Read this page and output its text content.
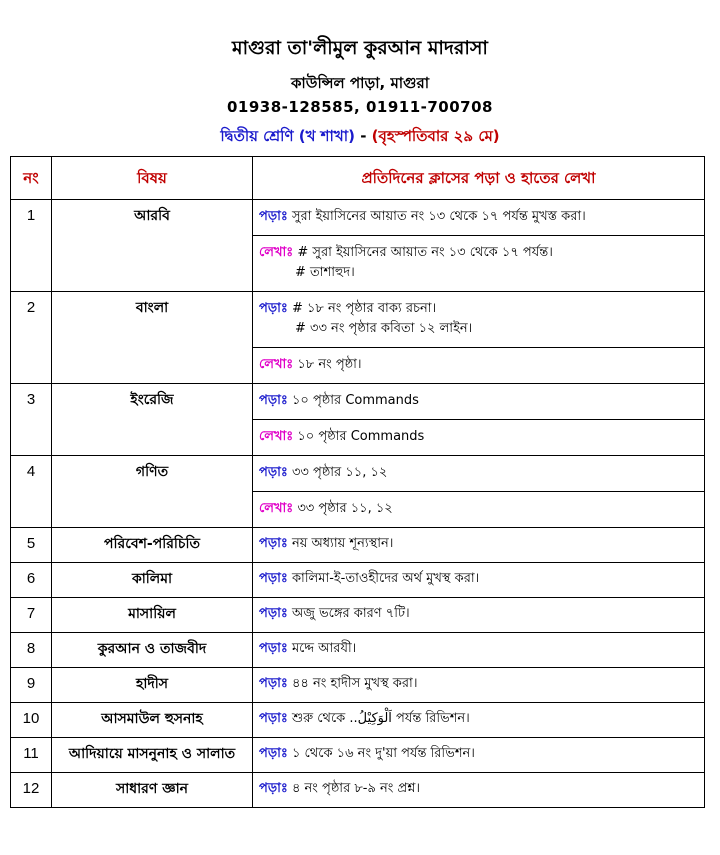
মাগুরা তা'লীমুল কুরআন মাদরাসা
কাউন্সিল পাড়া, মাগুরা
01938-128585, 01911-700708
দ্বিতীয় শ্রেণি (খ শাখা) - (বৃহস্পতিবার ২৯ মে)
নং	বিষয়	প্রতিদিনের ক্লাসের পড়া ও হাতের লেখা
1	আরবি	পড়াঃ সুরা ইয়াসিনের আয়াত নং ১৩ থেকে ১৭ পর্যন্ত মুখস্ত করা।
		লেখাঃ # সুরা ইয়াসিনের আয়াত নং ১৩ থেকে ১৭ পর্যন্ত।
# তাশাহুদ।

2	বাংলা	পড়াঃ # ১৮ নং পৃষ্ঠার বাক্য রচনা।
# ৩৩ নং পৃষ্ঠার কবিতা ১২ লাইন।

		লেখাঃ ১৮ নং পৃষ্ঠা।
3	ইংরেজি	পড়াঃ ১০ পৃষ্ঠার Commands
		লেখাঃ ১০ পৃষ্ঠার Commands
4	গণিত	পড়াঃ ৩৩ পৃষ্ঠার ১১, ১২
		লেখাঃ ৩৩ পৃষ্ঠার ১১, ১২
5	পরিবেশ-পরিচিতি	পড়াঃ নয় অধ্যায় শূন্যস্থান।
6	কালিমা	পড়াঃ কালিমা-ই-তাওহীদের অর্থ মুখস্থ করা।
7	মাসায়িল	পড়াঃ অজু ভঙ্গের কারণ ৭টি।
8	কুরআন ও তাজবীদ	পড়াঃ মদ্দে আরযী।
9	হাদীস	পড়াঃ ৪৪ নং হাদীস মুখস্থ করা।
10	আসমাউল হুসনাহ	পড়াঃ শুরু থেকে ..اَلْوَكِيْلُ পর্যন্ত রিভিশন।
11	আদিয়ায়ে মাসনুনাহ ও সালাত	পড়াঃ ১ থেকে ১৬ নং দু'য়া পর্যন্ত রিভিশন।
12	সাধারণ জ্ঞান	পড়াঃ ৪ নং পৃষ্ঠার ৮-৯ নং প্রশ্ন।
